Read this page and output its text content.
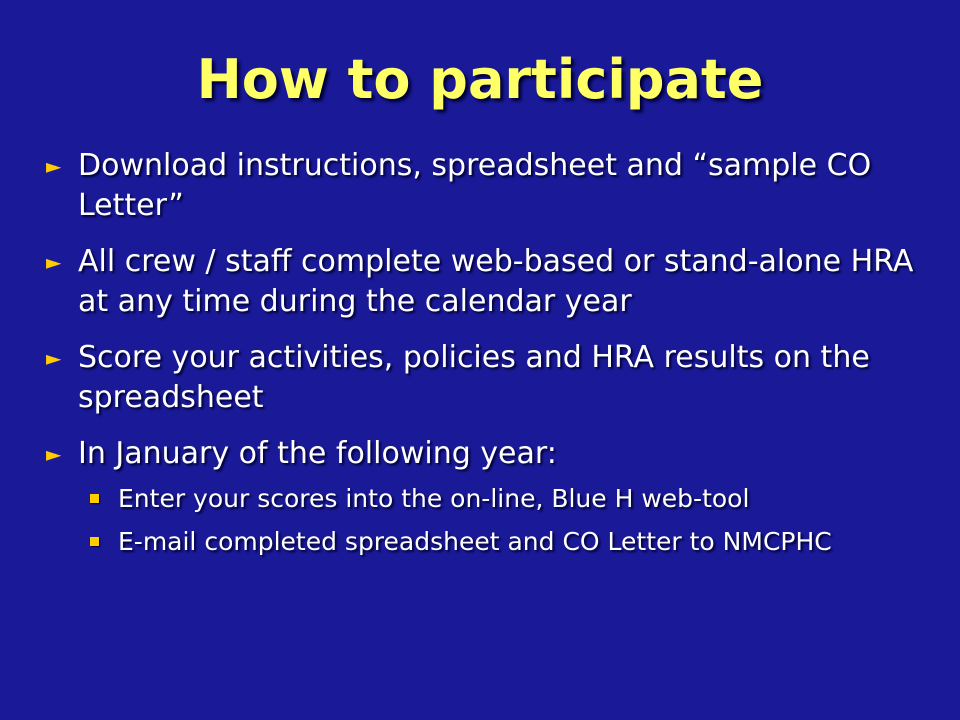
How to participate
► Download instructions, spreadsheet and “sample CO Letter”
► All crew / staff complete web-based or stand-alone HRA at any time during the calendar year
► Score your activities, policies and HRA results on the spreadsheet
► In January of the following year:
Enter your scores into the on-line, Blue H web-tool
E-mail completed spreadsheet and CO Letter to NMCPHC
